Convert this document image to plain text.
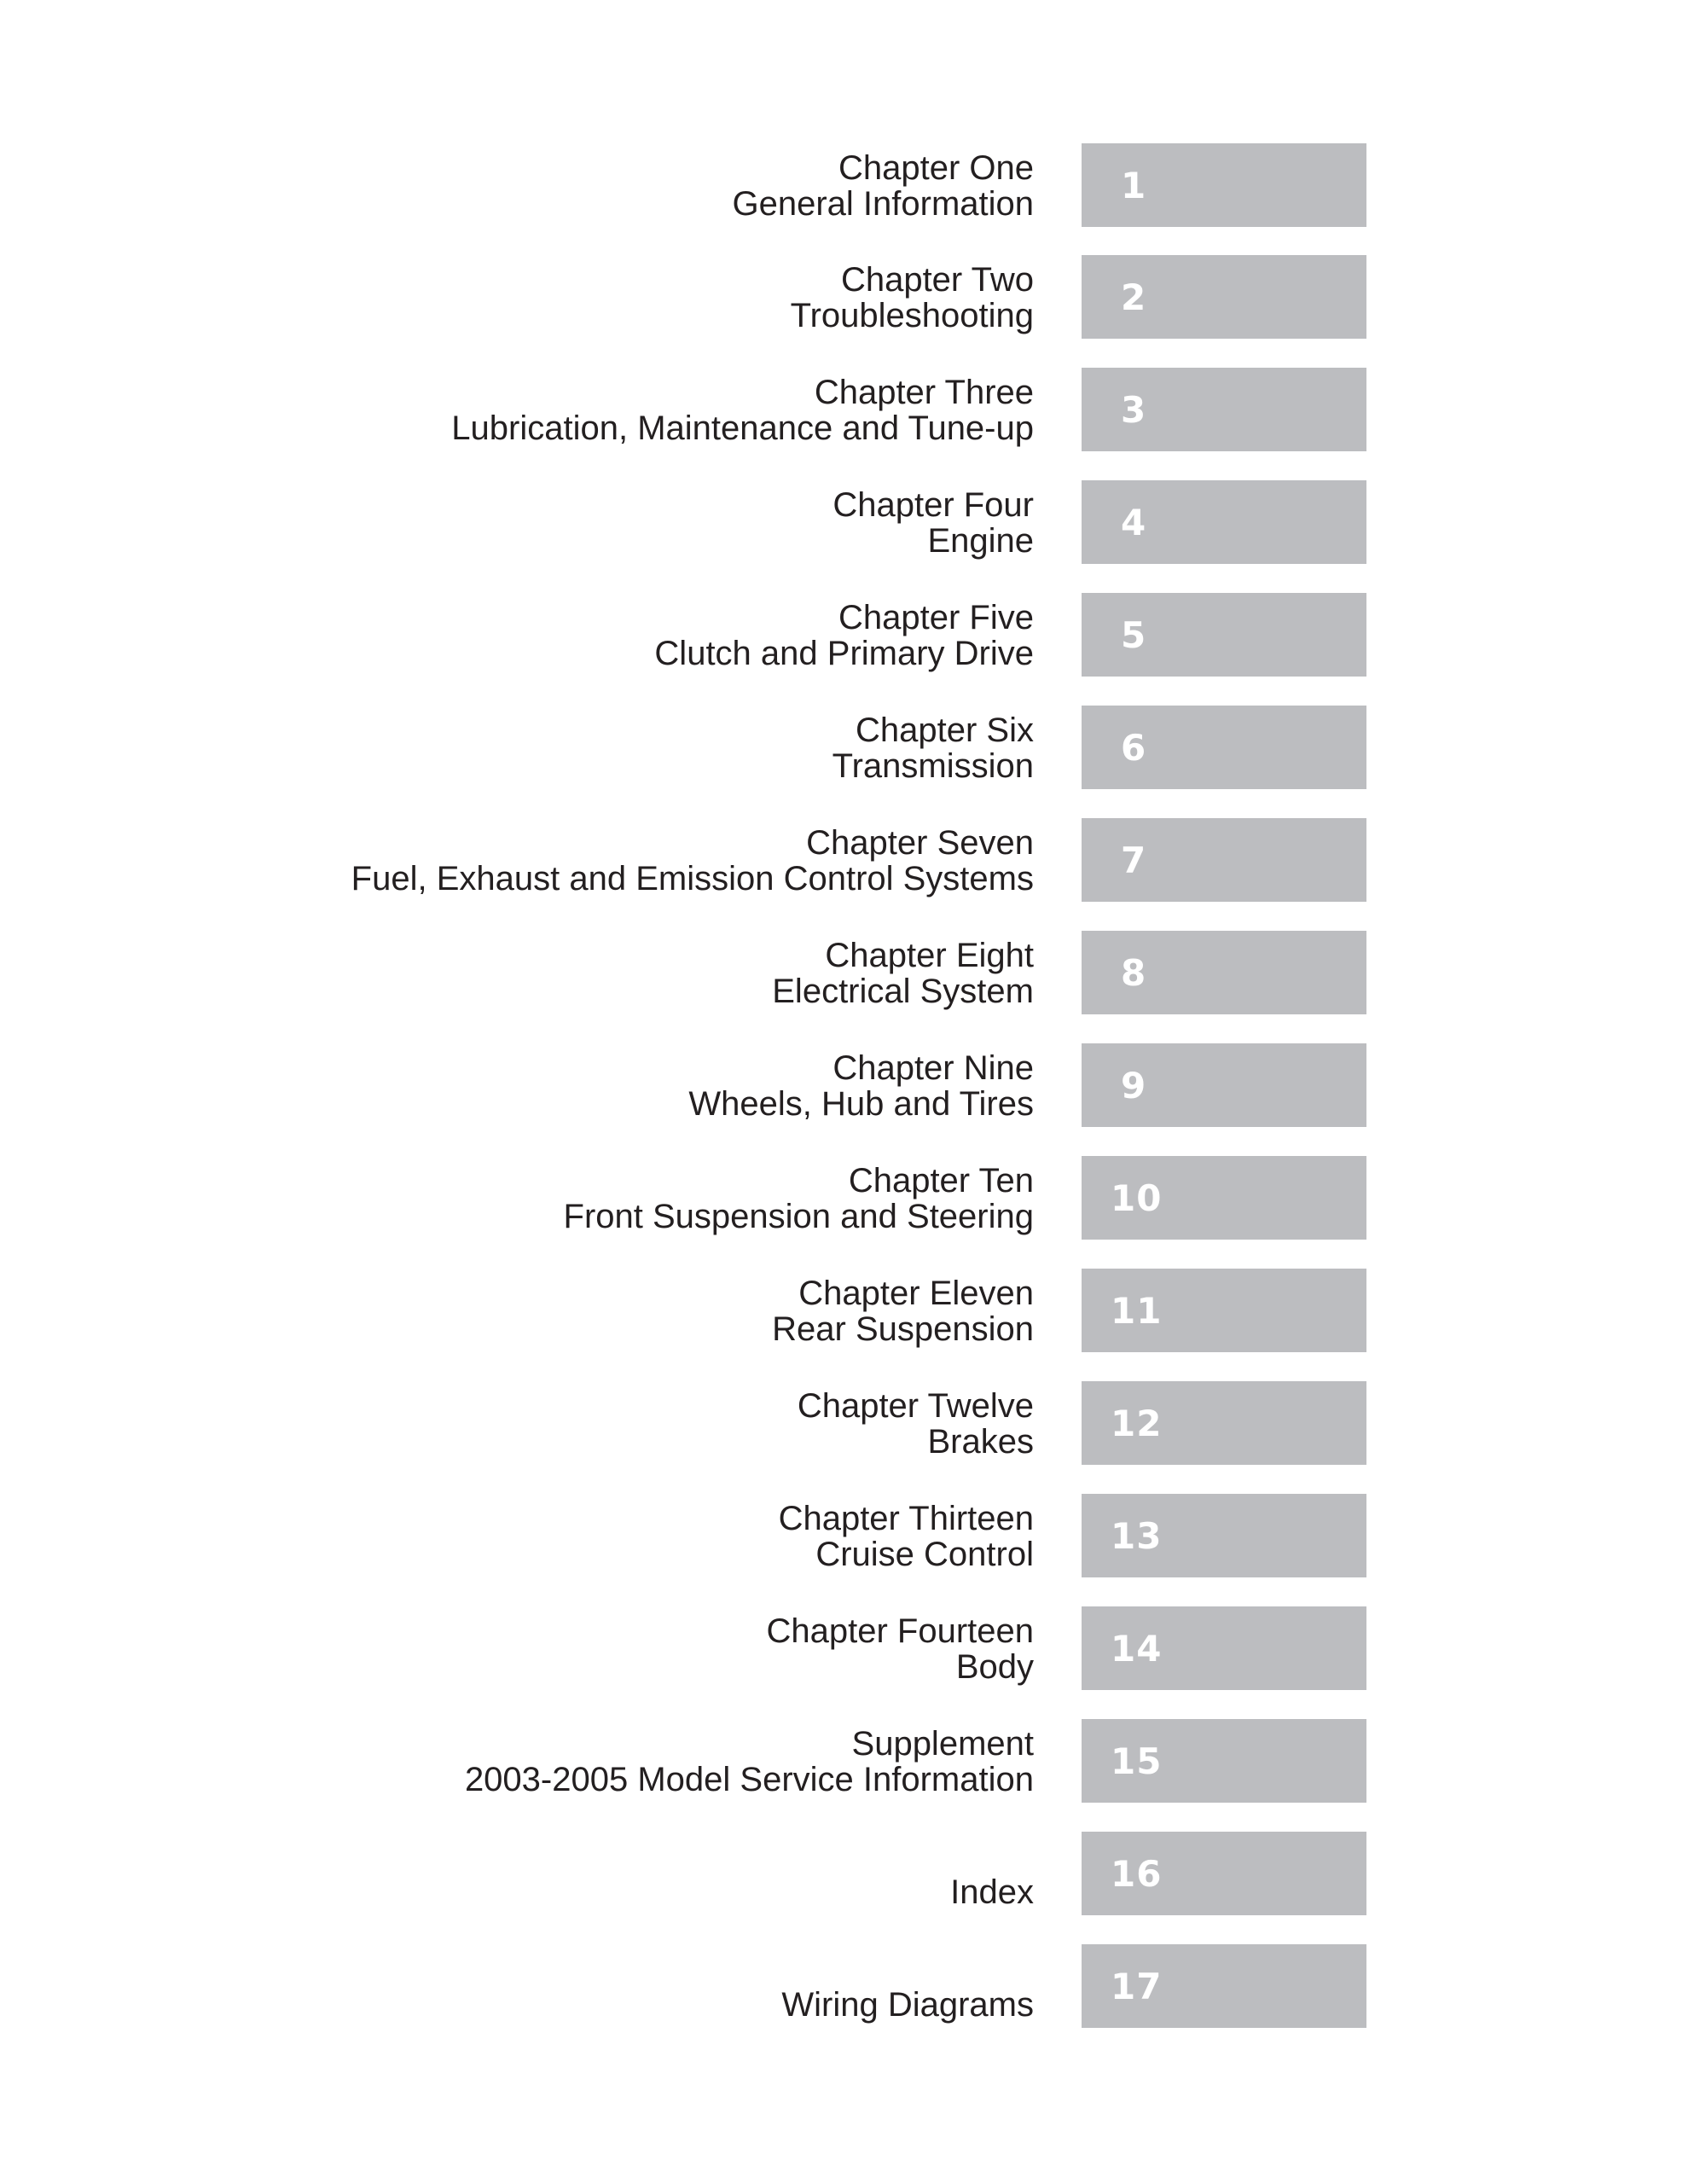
Chapter One
General Information 1
Chapter Two
Troubleshooting 2
Chapter Three
Lubrication, Maintenance and Tune-up 3
Chapter Four
Engine 4
Chapter Five
Clutch and Primary Drive 5
Chapter Six
Transmission 6
Chapter Seven
Fuel, Exhaust and Emission Control Systems 7
Chapter Eight
Electrical System 8
Chapter Nine
Wheels, Hub and Tires 9
Chapter Ten
Front Suspension and Steering 10
Chapter Eleven
Rear Suspension 11
Chapter Twelve
Brakes 12
Chapter Thirteen
Cruise Control 13
Chapter Fourteen
Body 14
Supplement
2003-2005 Model Service Information 15
Index 16
Wiring Diagrams 17
